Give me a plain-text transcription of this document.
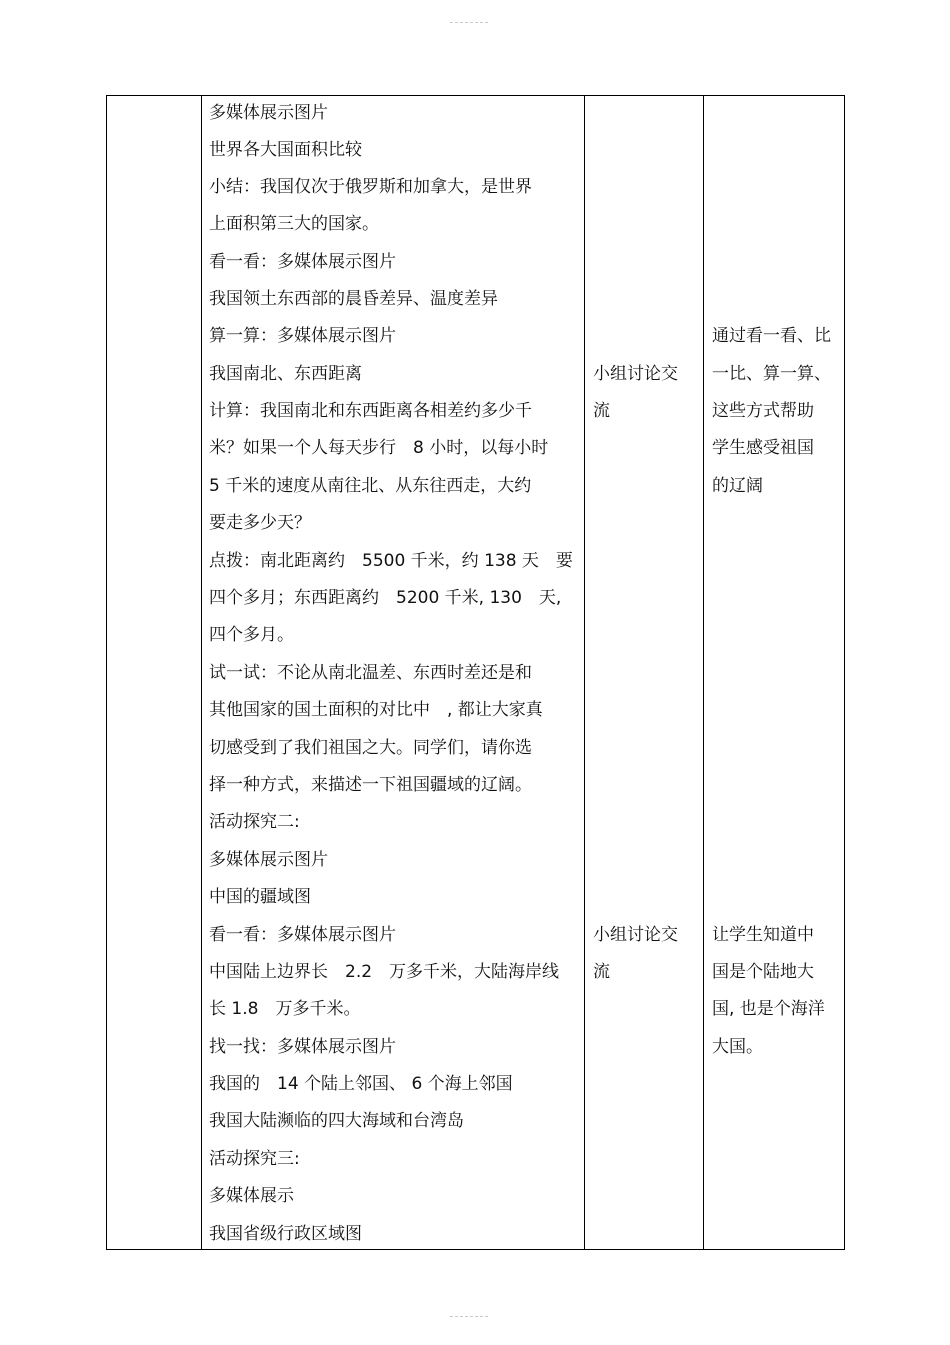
多媒体展示图片
世界各大国面积比较
小结：我国仅次于俄罗斯和加拿大，是世界
上面积第三大的国家。
看一看：多媒体展示图片
我国领土东西部的晨昏差异、温度差异
算一算：多媒体展示图片
我国南北、东西距离
计算：我国南北和东西距离各相差约多少千
米？如果一个人每天步行　8 小时，以每小时
5 千米的速度从南往北、从东往西走，大约
要走多少天？
点拨：南北距离约　5500 千米，约 138 天　要
四个多月；东西距离约　5200 千米, 130　天,
四个多月。
试一试：不论从南北温差、东西时差还是和
其他国家的国土面积的对比中　, 都让大家真
切感受到了我们祖国之大。同学们，请你选
择一种方式，来描述一下祖国疆域的辽阔。
活动探究二:
多媒体展示图片
中国的疆域图
看一看：多媒体展示图片
中国陆上边界长　2.2　万多千米，大陆海岸线
长 1.8　万多千米。
找一找：多媒体展示图片
我国的　14 个陆上邻国、 6 个海上邻国
我国大陆濒临的四大海域和台湾岛
活动探究三:
多媒体展示
我国省级行政区域图
小组讨论交
流
小组讨论交
流
通过看一看、比
一比、算一算、
这些方式帮助
学生感受祖国
的辽阔
让学生知道中
国是个陆地大
国, 也是个海洋
大国。
